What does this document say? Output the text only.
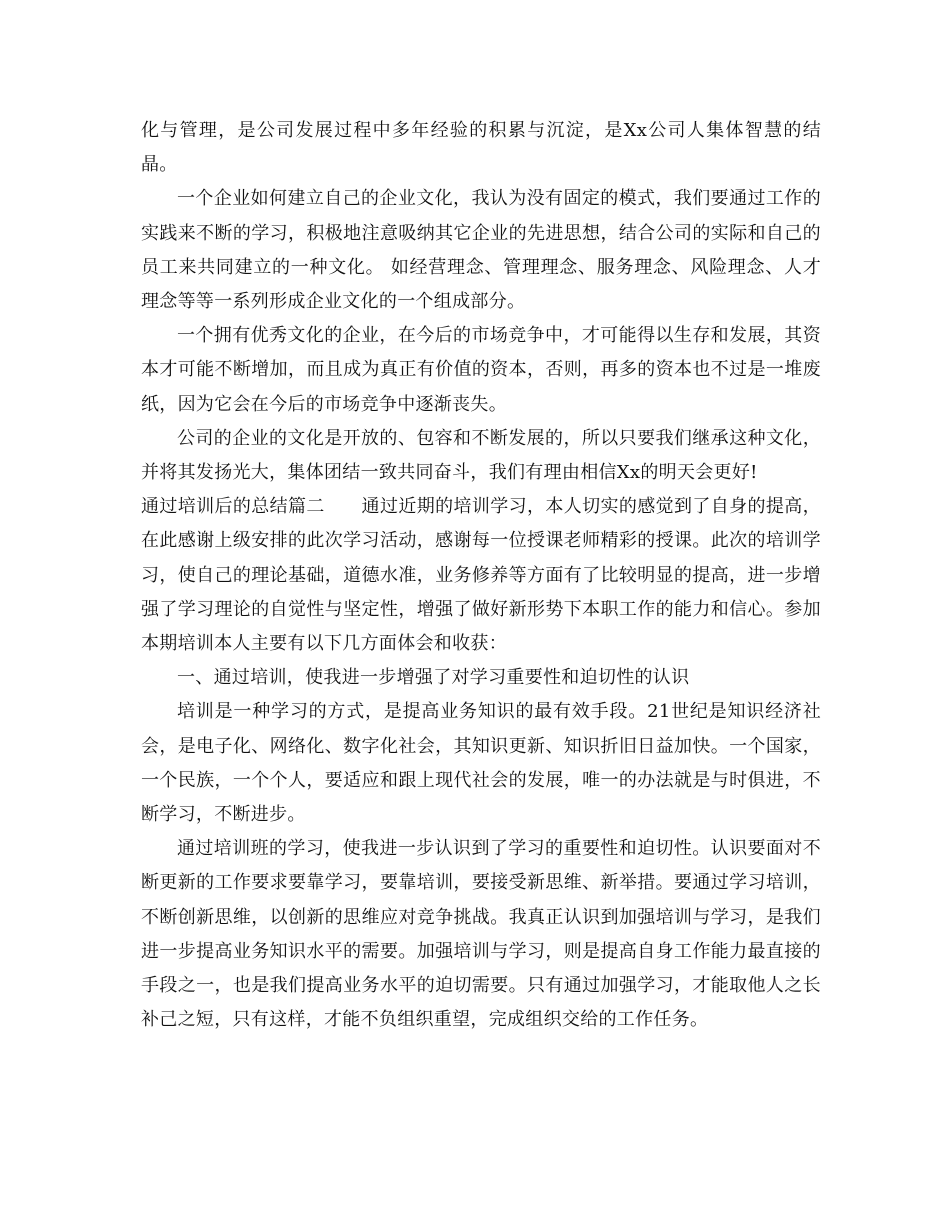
化与管理，是公司发展过程中多年经验的积累与沉淀，是Xx公司人集体智慧的结晶。

一个企业如何建立自己的企业文化，我认为没有固定的模式，我们要通过工作的实践来不断的学习，积极地注意吸纳其它企业的先进思想，结合公司的实际和自己的员工来共同建立的一种文化。 如经营理念、管理理念、服务理念、风险理念、人才理念等等一系列形成企业文化的一个组成部分。

一个拥有优秀文化的企业，在今后的市场竞争中，才可能得以生存和发展，其资本才可能不断增加，而且成为真正有价值的资本，否则，再多的资本也不过是一堆废纸，因为它会在今后的市场竞争中逐渐丧失。

公司的企业的文化是开放的、包容和不断发展的，所以只要我们继承这种文化，并将其发扬光大，集体团结一致共同奋斗，我们有理由相信Xx的明天会更好!

通过培训后的总结篇二　　通过近期的培训学习，本人切实的感觉到了自身的提高，在此感谢上级安排的此次学习活动，感谢每一位授课老师精彩的授课。此次的培训学习，使自己的理论基础，道德水准，业务修养等方面有了比较明显的提高，进一步增强了学习理论的自觉性与坚定性，增强了做好新形势下本职工作的能力和信心。参加本期培训本人主要有以下几方面体会和收获：

一、通过培训，使我进一步增强了对学习重要性和迫切性的认识

培训是一种学习的方式，是提高业务知识的最有效手段。21世纪是知识经济社会，是电子化、网络化、数字化社会，其知识更新、知识折旧日益加快。一个国家，一个民族，一个个人，要适应和跟上现代社会的发展，唯一的办法就是与时俱进，不断学习，不断进步。

通过培训班的学习，使我进一步认识到了学习的重要性和迫切性。认识要面对不断更新的工作要求要靠学习，要靠培训，要接受新思维、新举措。要通过学习培训，不断创新思维，以创新的思维应对竞争挑战。我真正认识到加强培训与学习，是我们进一步提高业务知识水平的需要。加强培训与学习，则是提高自身工作能力最直接的手段之一，也是我们提高业务水平的迫切需要。只有通过加强学习，才能取他人之长补己之短，只有这样，才能不负组织重望，完成组织交给的工作任务。
